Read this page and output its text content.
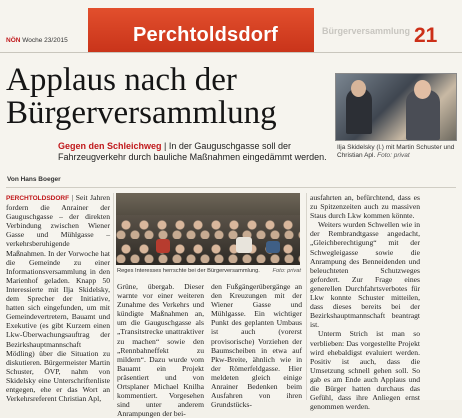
NÖN Woche 23/2015	Perchtoldsdorf	Bürgerversammlung 21
Applaus nach der
Bürgerversammlung
Gegen den Schleichweg | In der Gauguschgasse soll der Fahrzeugverkehr durch bauliche Maßnahmen eingedämmt werden.
Ilja Skidelsky (l.) mit Martin Schuster und Christian Apl. Foto: privat
Von Hans Boeger

PERCHTOLDSDORF | Seit Jahren fordern die Anrainer der Gauguschgasse – der direkten Verbindung zwischen Wiener Gasse und Mühlgasse – verkehrsberuhigende Maßnahmen. In der Vorwoche hat die Gemeinde zu einer Informationsversammlung in den Marienhof geladen. Knapp 50 Interessierte mit Ilja Skidelsky, dem Sprecher der Initiative, hatten sich eingefunden, um mit Gemeindevertretern, Bauamt und Exekutive (es gibt Kurzem einen Lkw-Überwachungsauftrag der Bezirkshauptmannschaft Mödling) über die Situation zu diskutieren. Bürgermeister Martin Schuster, ÖVP, nahm von Skidelsky eine Unterschriftenliste entgegen, ehe er das Wort an Verkehrsreferent Christian Apl,

Reges Interesses herrschte bei der Bürgerversammlung. Foto: privat

Grüne, übergab. Dieser warnte vor einer weiteren Zunahme des Verkehrs und kündigte Maßnahmen an, um die Gauguschgasse als „Transitstrecke unattraktiver zu machen“ sowie den „Rennbahneffekt zu mildern“. Dazu wurde vom Bauamt ein Projekt präsentiert und von Ortsplaner Michael Knilha kommentiert. Vorgesehen sind unter anderem Anrampungen der bei-

den Fußgängerübergänge an den Kreuzungen mit der Wiener Gasse und Mühlgasse. Ein wichtiger Punkt des geplanten Umbaus ist auch (vorerst provisorische) Vorziehen der Baumscheiben in etwa auf Pkw-Breite, ähnlich wie in der Römerfeldgasse. Hier meldeten gleich einige Anrainer Bedenken beim Ausfahren von ihren Grundstücks-

ausfahrten an, befürchtend, dass es zu Spitzenzeiten auch zu massiven Staus durch Lkw kommen könnte.

Weiters wurden Schwellen wie in der Rembrandtgasse angedacht, „Gleichberechtigung“ mit der Schwegleigasse sowie die Anrampung des Benneidenden und beleuchteten Schutzweges gefordert. Zur Frage eines generellen Durchfahrtsverbotes für Lkw konnte Schuster mitteilen, dass dieses bereits bei der Bezirkshauptmannschaft beantragt ist.

Unterm Strich ist man so verblieben: Das vorgestellte Projekt wird ehebaldigst evaluiert werden. Positiv ist auch, dass die Umsetzung schnell gehen soll. So gab es am Ende auch Applaus und die Bürger hatten durchaus das Gefühl, dass ihre Anliegen ernst genommen werden.
